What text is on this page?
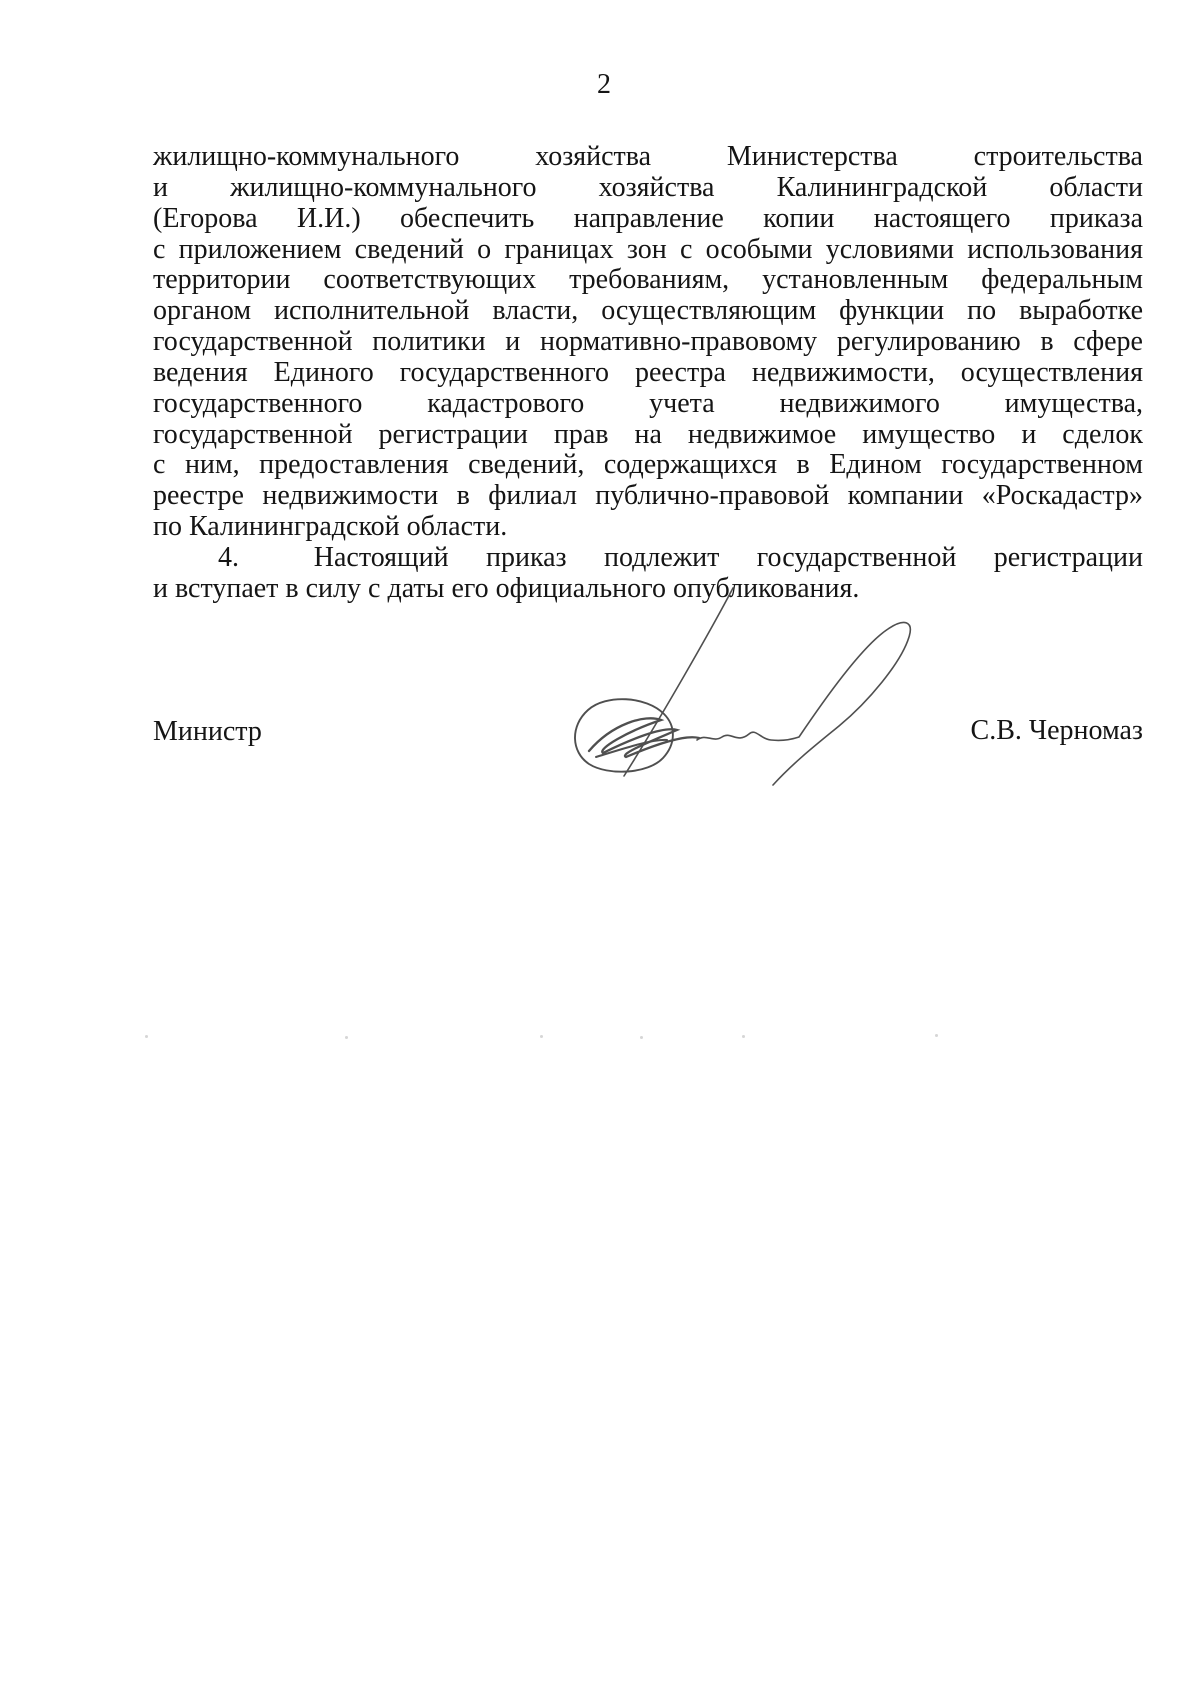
2
жилищно-коммунального хозяйства Министерства строительства
и жилищно-коммунального хозяйства Калининградской области
(Егорова И.И.) обеспечить направление копии настоящего приказа
с приложением сведений о границах зон с особыми условиями использования
территории соответствующих требованиям, установленным федеральным
органом исполнительной власти, осуществляющим функции по выработке
государственной политики и нормативно-правовому регулированию в сфере
ведения Единого государственного реестра недвижимости, осуществления
государственного кадастрового учета недвижимого имущества,
государственной регистрации прав на недвижимое имущество и сделок
с ним, предоставления сведений, содержащихся в Едином государственном
реестре недвижимости в филиал публично-правовой компании «Роскадастр»
по Калининградской области.
4.  Настоящий приказ подлежит государственной регистрации
и вступает в силу с даты его официального опубликования.
Министр	С.В. Черномаз
